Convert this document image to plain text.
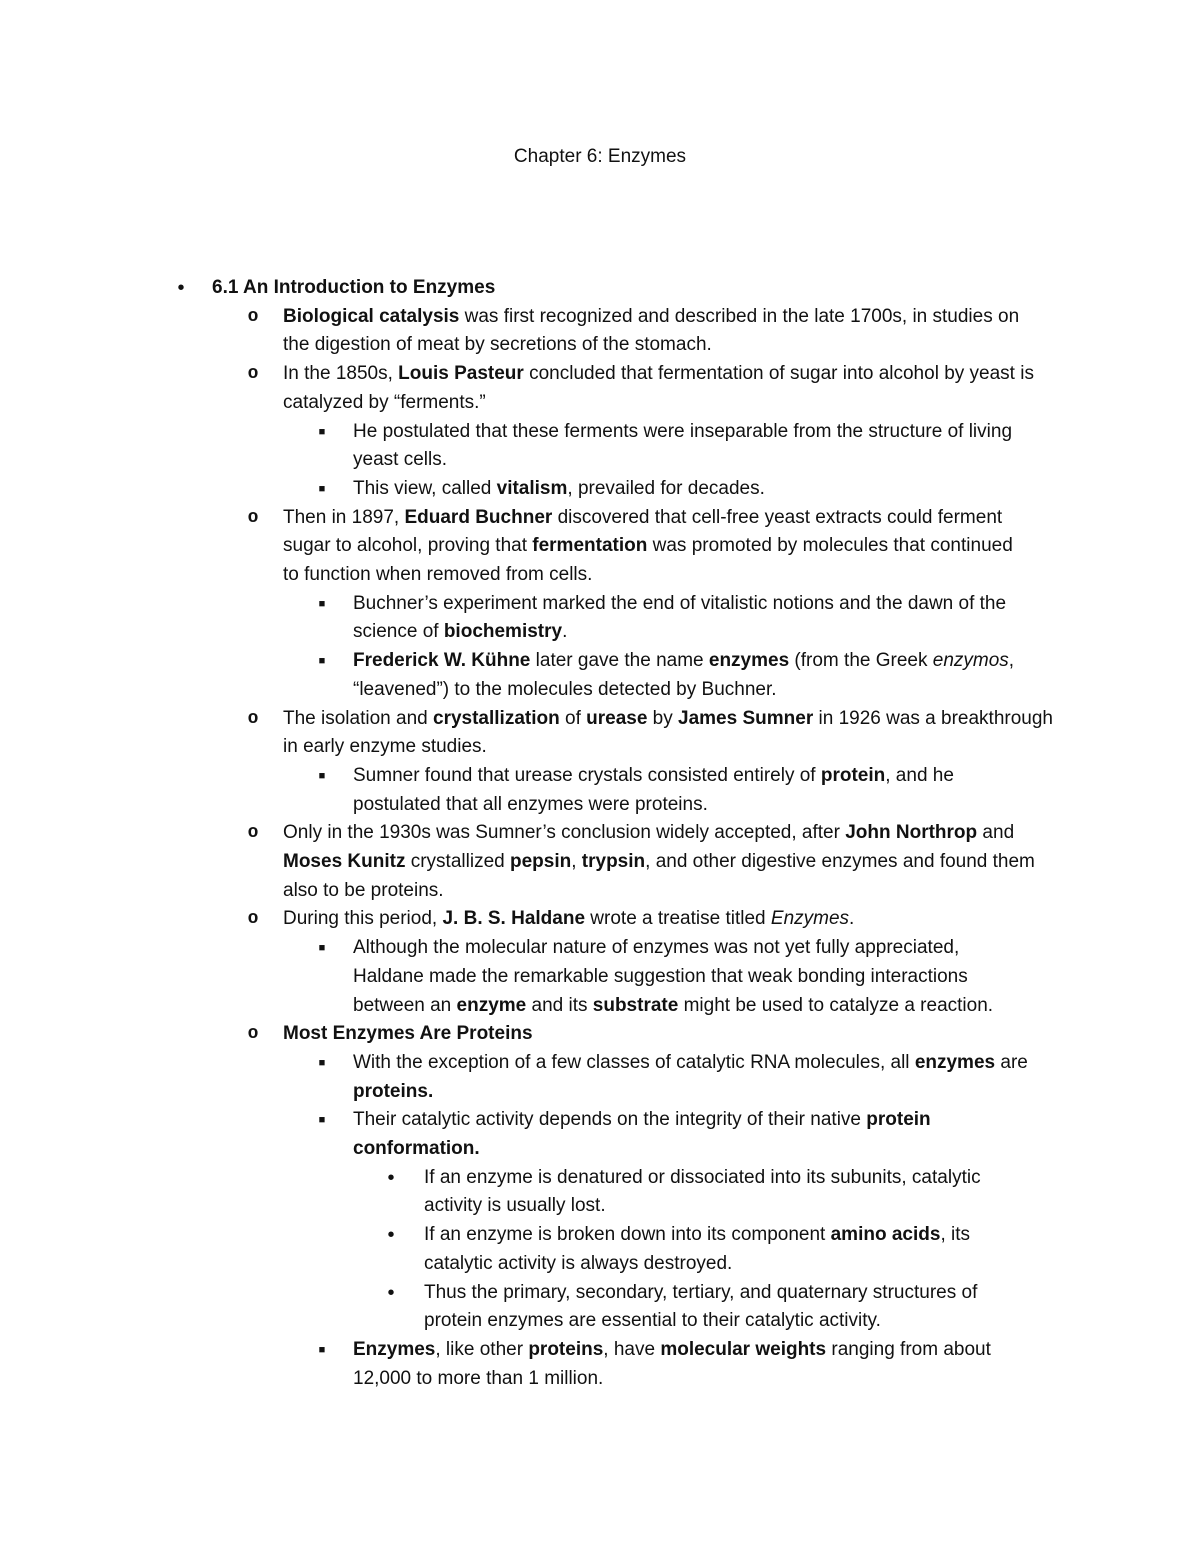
Chapter 6: Enzymes
•	6.1 An Introduction to Enzymes
o Biological catalysis was first recognized and described in the late 1700s, in studies on
the digestion of meat by secretions of the stomach.
o In the 1850s, Louis Pasteur concluded that fermentation of sugar into alcohol by yeast is
catalyzed by “ferments.”
■	He postulated that these ferments were inseparable from the structure of living
yeast cells.
■	This view, called vitalism, prevailed for decades.
o Then in 1897, Eduard Buchner discovered that cell-free yeast extracts could ferment
sugar to alcohol, proving that fermentation was promoted by molecules that continued
to function when removed from cells.
■	Buchner’s experiment marked the end of vitalistic notions and the dawn of the
science of biochemistry.
■	Frederick W. Kühne later gave the name enzymes (from the Greek enzymos,
“leavened”) to the molecules detected by Buchner.
o The isolation and crystallization of urease by James Sumner in 1926 was a breakthrough
in early enzyme studies.
■	Sumner found that urease crystals consisted entirely of protein, and he
postulated that all enzymes were proteins.
o Only in the 1930s was Sumner’s conclusion widely accepted, after John Northrop and
Moses Kunitz crystallized pepsin, trypsin, and other digestive enzymes and found them
also to be proteins.
o During this period, J. B. S. Haldane wrote a treatise titled Enzymes.
■	Although the molecular nature of enzymes was not yet fully appreciated,
Haldane made the remarkable suggestion that weak bonding interactions
between an enzyme and its substrate might be used to catalyze a reaction.
o Most Enzymes Are Proteins
■	With the exception of a few classes of catalytic RNA molecules, all enzymes are
proteins.
■	Their catalytic activity depends on the integrity of their native protein
conformation.
•	If an enzyme is denatured or dissociated into its subunits, catalytic
activity is usually lost.
•	If an enzyme is broken down into its component amino acids, its
catalytic activity is always destroyed.
•	Thus the primary, secondary, tertiary, and quaternary structures of
protein enzymes are essential to their catalytic activity.
■	Enzymes, like other proteins, have molecular weights ranging from about
12,000 to more than 1 million.
